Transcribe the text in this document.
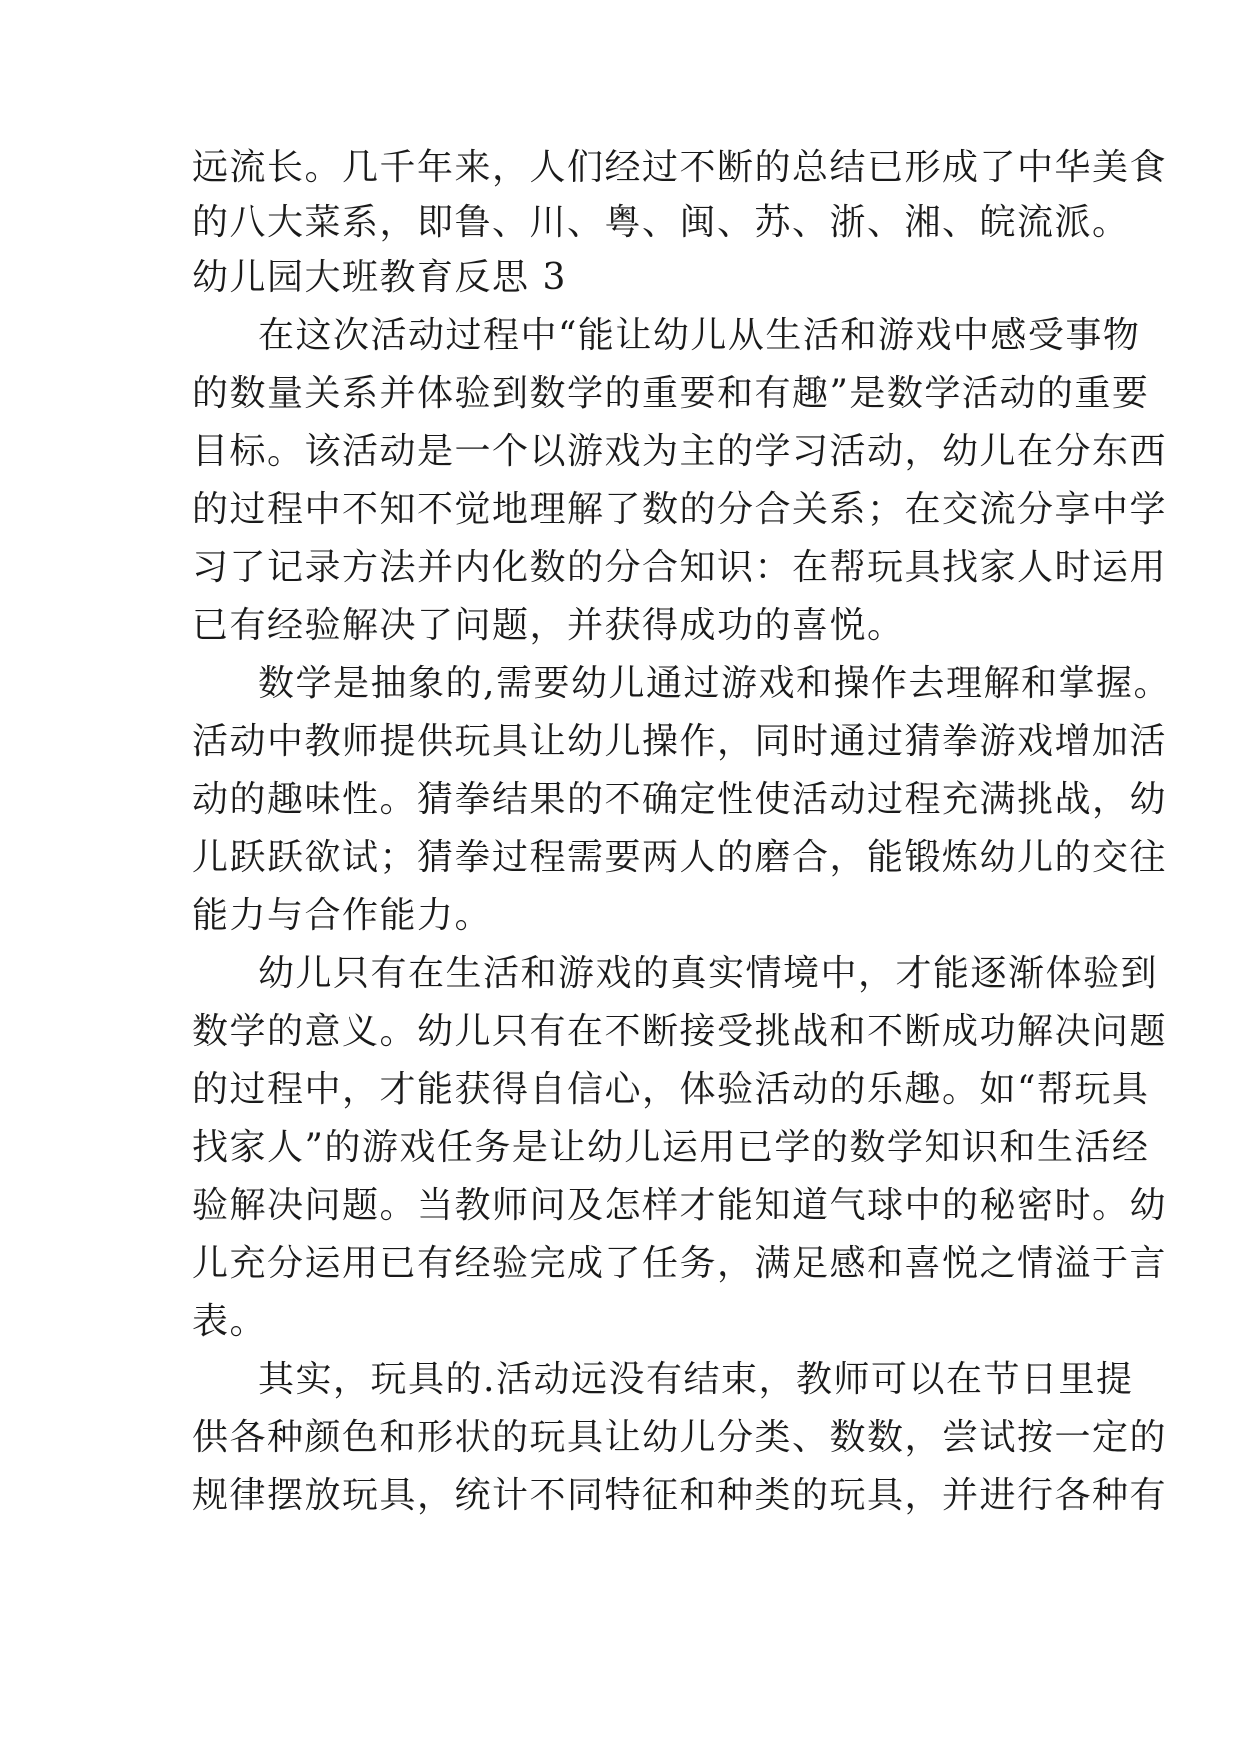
远流长。几千年来，人们经过不断的总结已形成了中华美食
的八大菜系，即鲁、川、粤、闽、苏、浙、湘、皖流派。
幼儿园大班教育反思 3
在这次活动过程中“能让幼儿从生活和游戏中感受事物
的数量关系并体验到数学的重要和有趣”是数学活动的重要
目标。该活动是一个以游戏为主的学习活动，幼儿在分东西
的过程中不知不觉地理解了数的分合关系；在交流分享中学
习了记录方法并内化数的分合知识：在帮玩具找家人时运用
已有经验解决了问题，并获得成功的喜悦。
数学是抽象的,需要幼儿通过游戏和操作去理解和掌握。
活动中教师提供玩具让幼儿操作，同时通过猜拳游戏增加活
动的趣味性。猜拳结果的不确定性使活动过程充满挑战，幼
儿跃跃欲试；猜拳过程需要两人的磨合，能锻炼幼儿的交往
能力与合作能力。
幼儿只有在生活和游戏的真实情境中，才能逐渐体验到
数学的意义。幼儿只有在不断接受挑战和不断成功解决问题
的过程中，才能获得自信心，体验活动的乐趣。如“帮玩具
找家人”的游戏任务是让幼儿运用已学的数学知识和生活经
验解决问题。当教师问及怎样才能知道气球中的秘密时。幼
儿充分运用已有经验完成了任务，满足感和喜悦之情溢于言
表。
其实，玩具的.活动远没有结束，教师可以在节日里提
供各种颜色和形状的玩具让幼儿分类、数数，尝试按一定的
规律摆放玩具，统计不同特征和种类的玩具，并进行各种有
